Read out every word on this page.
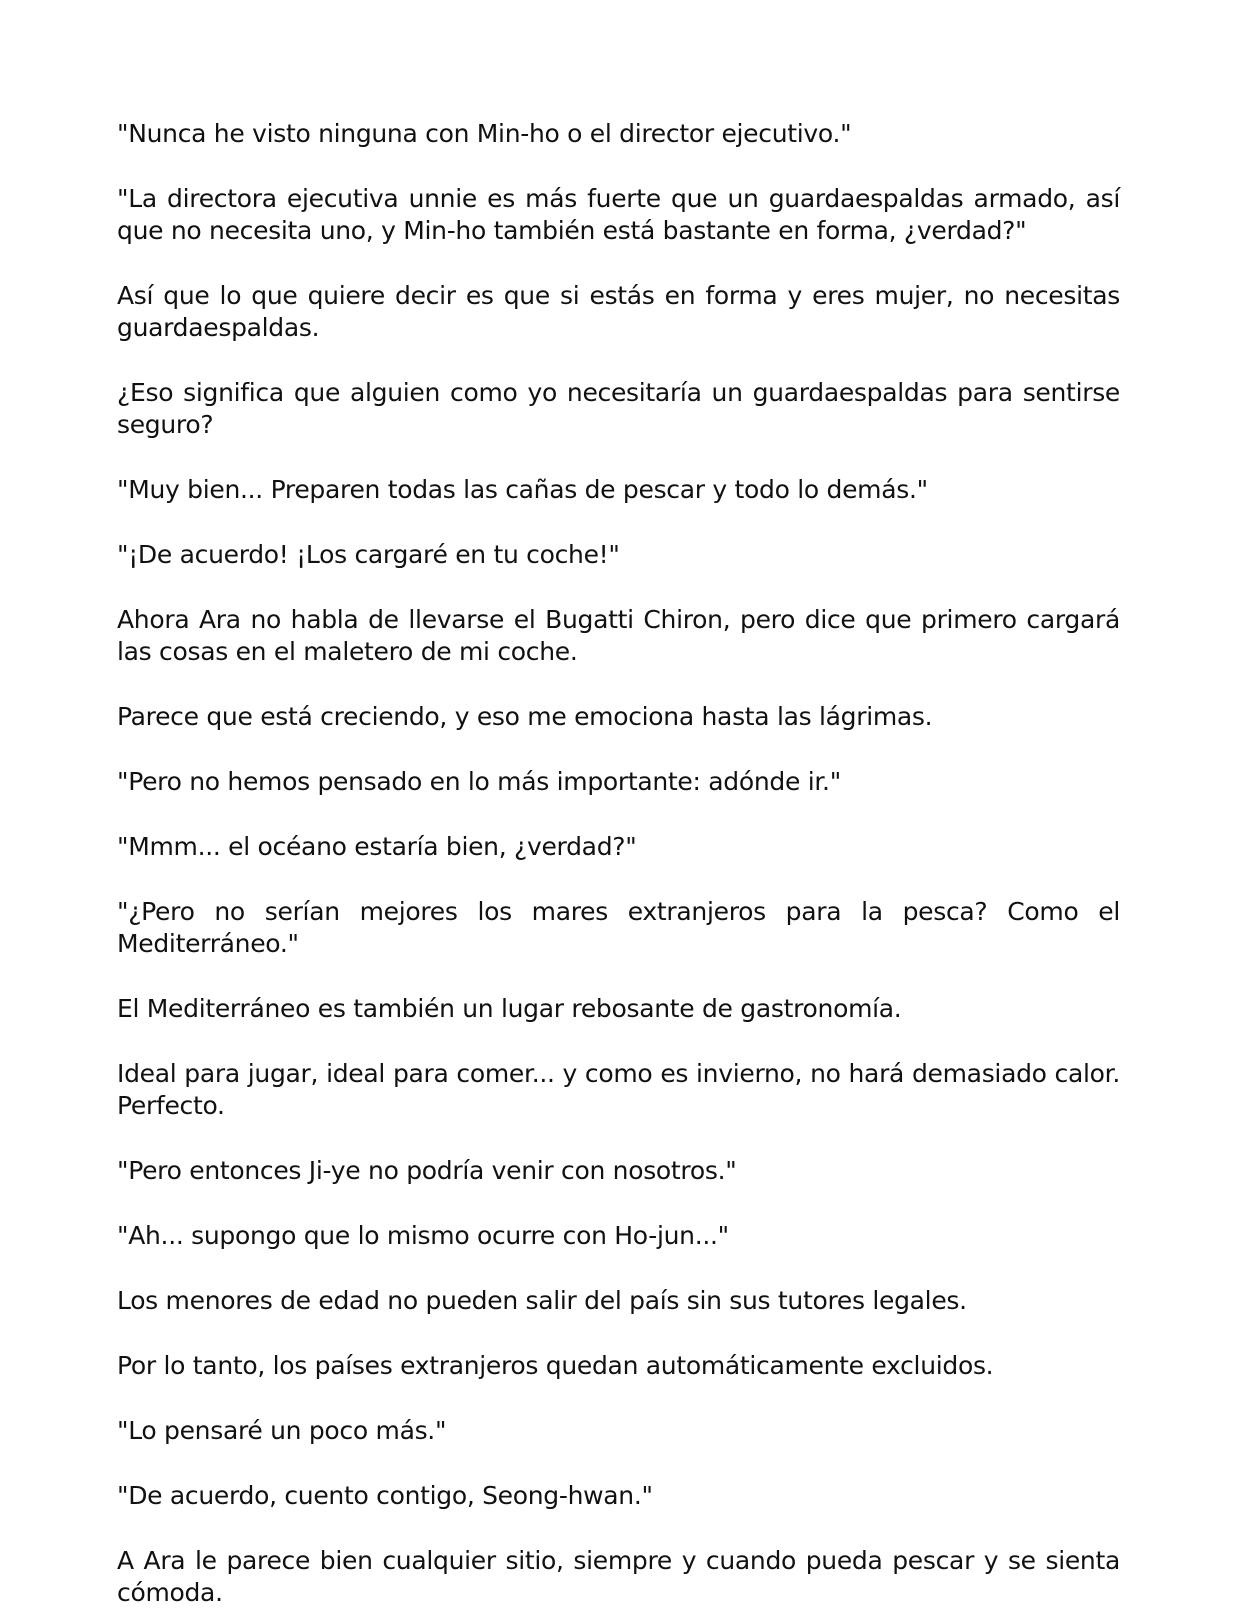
"Nunca he visto ninguna con Min-ho o el director ejecutivo."

"La directora ejecutiva unnie es más fuerte que un guardaespaldas armado, así que no necesita uno, y Min-ho también está bastante en forma, ¿verdad?"

Así que lo que quiere decir es que si estás en forma y eres mujer, no necesitas guardaespaldas.

¿Eso significa que alguien como yo necesitaría un guardaespaldas para sentirse seguro?

"Muy bien... Preparen todas las cañas de pescar y todo lo demás."

"¡De acuerdo! ¡Los cargaré en tu coche!"

Ahora Ara no habla de llevarse el Bugatti Chiron, pero dice que primero cargará las cosas en el maletero de mi coche.

Parece que está creciendo, y eso me emociona hasta las lágrimas.

"Pero no hemos pensado en lo más importante: adónde ir."

"Mmm... el océano estaría bien, ¿verdad?"

"¿Pero no serían mejores los mares extranjeros para la pesca? Como el Mediterráneo."

El Mediterráneo es también un lugar rebosante de gastronomía.

Ideal para jugar, ideal para comer... y como es invierno, no hará demasiado calor. Perfecto.

"Pero entonces Ji-ye no podría venir con nosotros."

"Ah... supongo que lo mismo ocurre con Ho-jun..."

Los menores de edad no pueden salir del país sin sus tutores legales.

Por lo tanto, los países extranjeros quedan automáticamente excluidos.

"Lo pensaré un poco más."

"De acuerdo, cuento contigo, Seong-hwan."

A Ara le parece bien cualquier sitio, siempre y cuando pueda pescar y se sienta cómoda.
